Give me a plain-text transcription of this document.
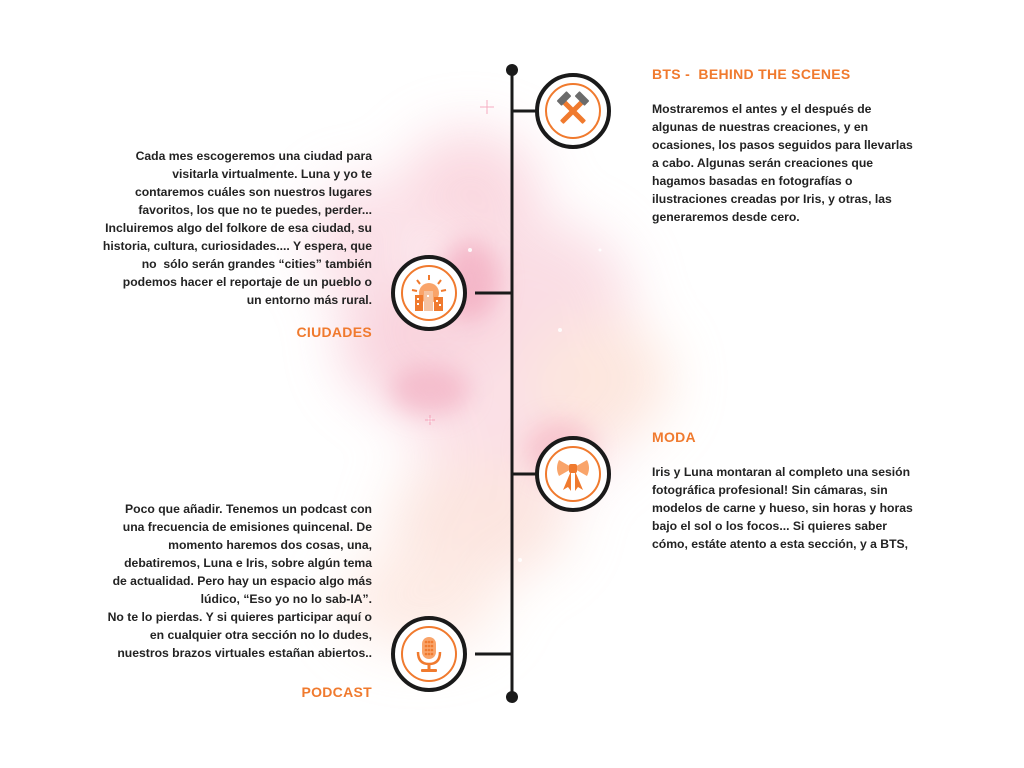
BTS -  BEHIND THE SCENES
Mostraremos el antes y el después de
algunas de nuestras creaciones, y en
ocasiones, los pasos seguidos para llevarlas
a cabo. Algunas serán creaciones que
hagamos basadas en fotografías o
ilustraciones creadas por Iris, y otras, las
generaremos desde cero.
Cada mes escogeremos una ciudad para
visitarla virtualmente. Luna y yo te
contaremos cuáles son nuestros lugares
favoritos, los que no te puedes, perder...
Incluiremos algo del folkore de esa ciudad, su
historia, cultura, curiosidades.... Y espera, que
no  sólo serán grandes “cities” también
podemos hacer el reportaje de un pueblo o
un entorno más rural.
CIUDADES
MODA
Iris y Luna montaran al completo una sesión
fotográfica profesional! Sin cámaras, sin
modelos de carne y hueso, sin horas y horas
bajo el sol o los focos... Si quieres saber
cómo, estáte atento a esta sección, y a BTS,
Poco que añadir. Tenemos un podcast con
una frecuencia de emisiones quincenal. De
momento haremos dos cosas, una,
debatiremos, Luna e Iris, sobre algún tema
de actualidad. Pero hay un espacio algo más
lúdico, “Eso yo no lo sab-IA”.
No te lo pierdas. Y si quieres participar aquí o
en cualquier otra sección no lo dudes,
nuestros brazos virtuales estañan abiertos..
PODCAST
